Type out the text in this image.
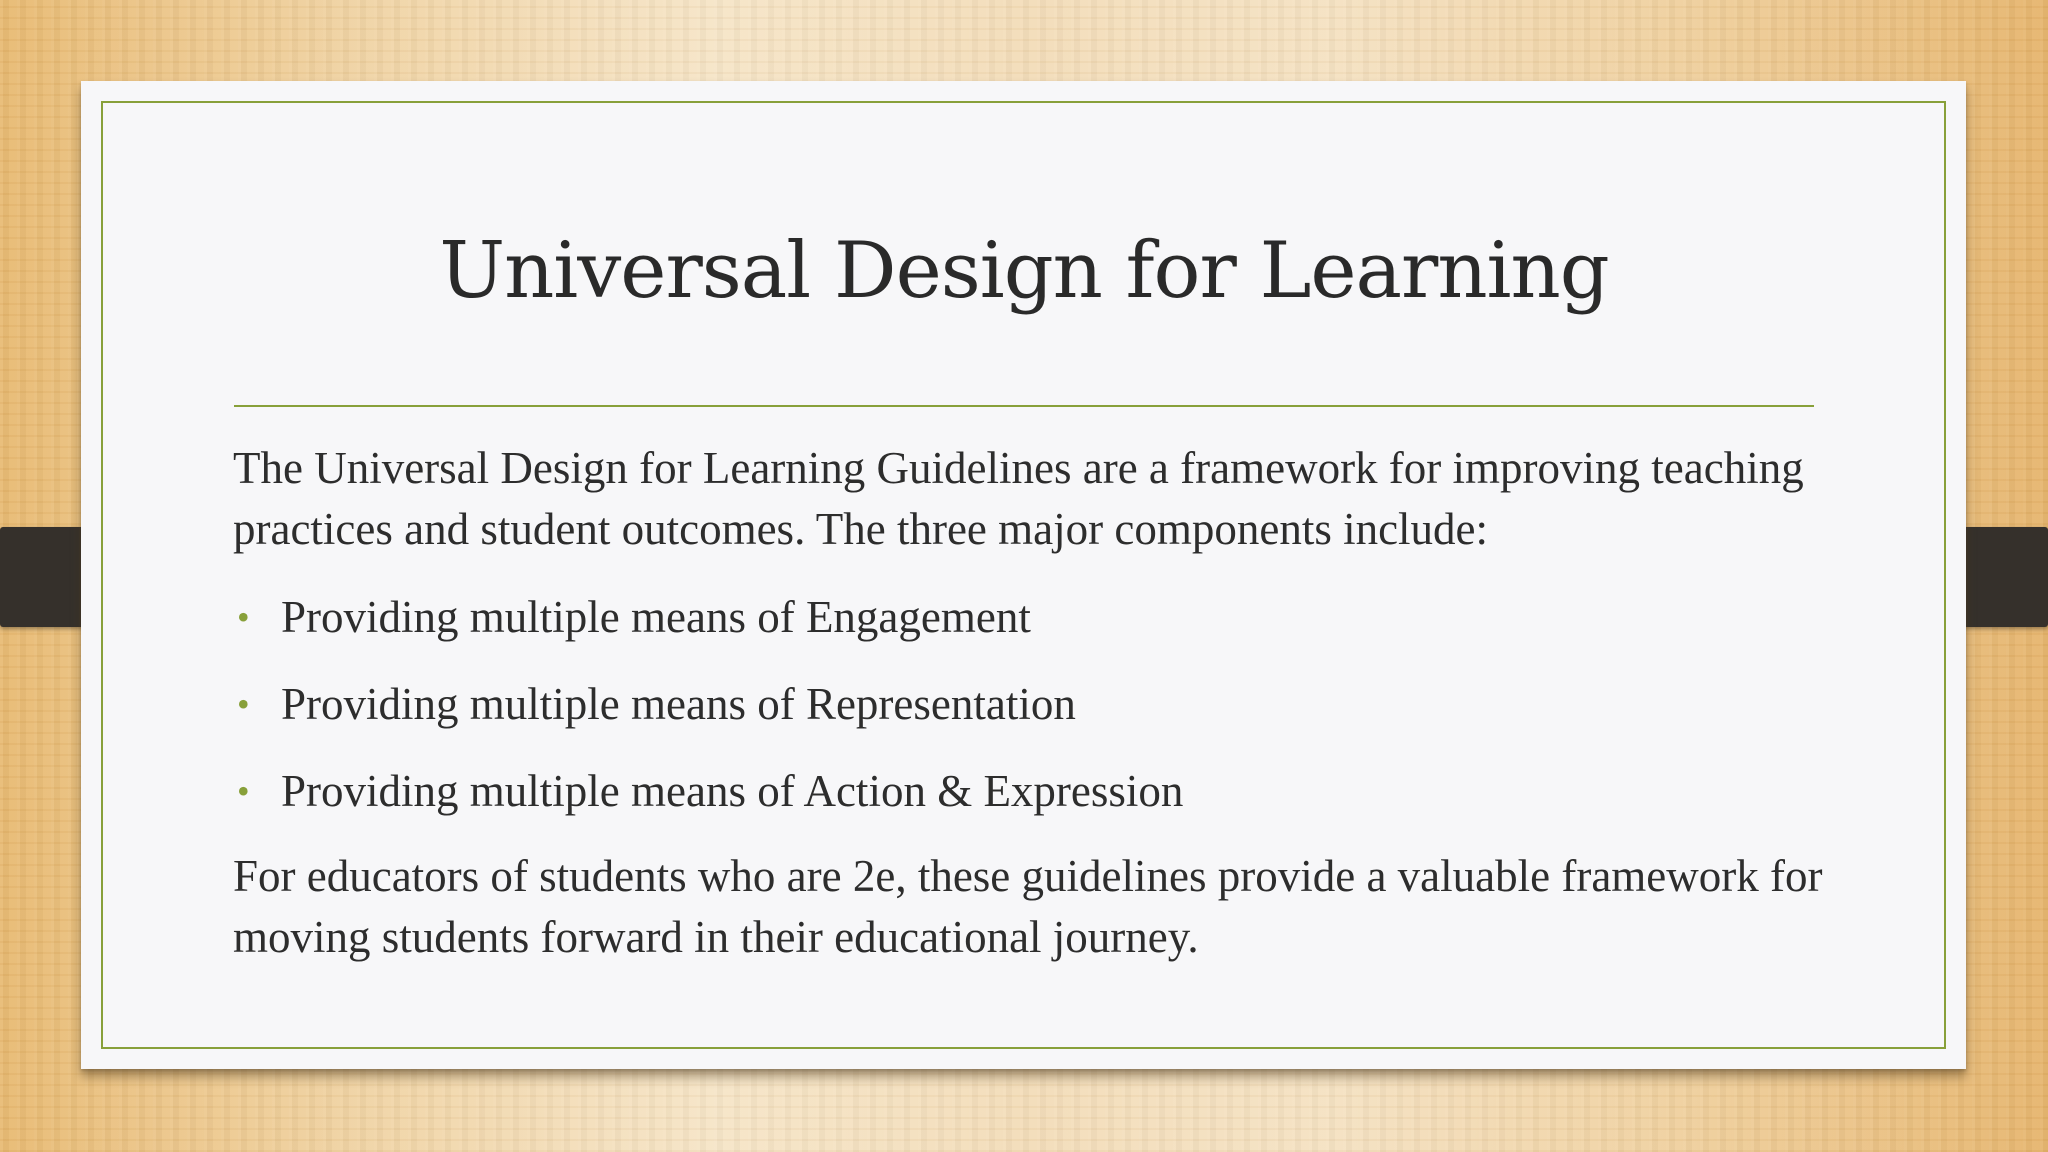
Universal Design for Learning

The Universal Design for Learning Guidelines are a framework for improving teaching practices and student outcomes. The three major components include:

• Providing multiple means of Engagement
• Providing multiple means of Representation
• Providing multiple means of Action & Expression

For educators of students who are 2e, these guidelines provide a valuable framework for moving students forward in their educational journey.
